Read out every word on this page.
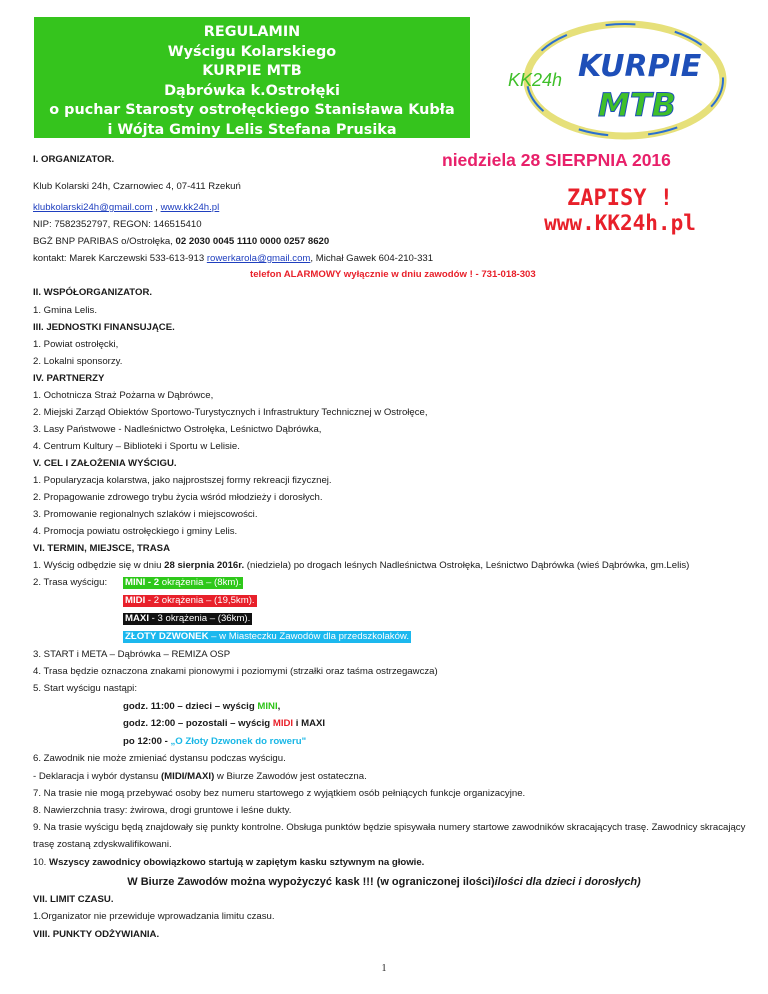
REGULAMIN
Wyścigu Kolarskiego
KURPIE MTB
Dąbrówka k.Ostrołęki
o puchar Starosty ostrołęckiego Stanisława Kubła
i Wójta Gminy Lelis Stefana Prusika
KK24h KURPIE
MTB
niedziela 28 SIERPNIA 2016
ZAPISY !
www.KK24h.pl
I. ORGANIZATOR.
Klub Kolarski 24h, Czarnowiec 4, 07-411 Rzekuń
klubkolarski24h@gmail.com , www.kk24h.pl
NIP: 7582352797, REGON: 146515410
BGŻ BNP PARIBAS o/Ostrołęka, 02 2030 0045 1110 0000 0257 8620
kontakt: Marek Karczewski 533-613-913 rowerkarola@gmail.com, Michał Gawek 604-210-331
telefon ALARMOWY wyłącznie w dniu zawodów ! - 731-018-303
II. WSPÓŁORGANIZATOR.
1. Gmina Lelis.
III. JEDNOSTKI FINANSUJĄCE.
1. Powiat ostrołęcki,
2. Lokalni sponsorzy.
IV. PARTNERZY
1. Ochotnicza Straż Pożarna w Dąbrówce,
2. Miejski Zarząd Obiektów Sportowo-Turystycznych i Infrastruktury Technicznej w Ostrołęce,
3. Lasy Państwowe - Nadleśnictwo Ostrołęka, Leśnictwo Dąbrówka,
4. Centrum Kultury – Biblioteki i Sportu w Lelisie.
V. CEL I ZAŁOŻENIA WYŚCIGU.
1. Popularyzacja kolarstwa, jako najprostszej formy rekreacji fizycznej.
2. Propagowanie zdrowego trybu życia wśród młodzieży i dorosłych.
3. Promowanie regionalnych szlaków i miejscowości.
4. Promocja powiatu ostrołęckiego i gminy Lelis.
VI. TERMIN, MIEJSCE, TRASA
1. Wyścig odbędzie się w dniu 28 sierpnia 2016r. (niedziela) po drogach leśnych Nadleśnictwa Ostrołęka, Leśnictwo Dąbrówka (wieś Dąbrówka, gm.Lelis)
2. Trasa wyścigu: MINI - 2 okrążenia – (8km).
MIDI - 2 okrążenia – (19,5km).
MAXI - 3 okrążenia – (36km).
ZŁOTY DZWONEK – w Miasteczku Zawodów dla przedszkolaków.
3. START i META – Dąbrówka – REMIZA OSP
4. Trasa będzie oznaczona znakami pionowymi i poziomymi (strzałki oraz taśma ostrzegawcza)
5. Start wyścigu nastąpi:
godz. 11:00 – dzieci – wyścig MINI,
godz. 12:00 – pozostali – wyścig MIDI i MAXI
po 12:00 - „O Złoty Dzwonek do roweru"
6. Zawodnik nie może zmieniać dystansu podczas wyścigu.
- Deklaracja i wybór dystansu (MIDI/MAXI) w Biurze Zawodów jest ostateczna.
7. Na trasie nie mogą przebywać osoby bez numeru startowego z wyjątkiem osób pełniących funkcje organizacyjne.
8. Nawierzchnia trasy: żwirowa, drogi gruntowe i leśne dukty.
9. Na trasie wyścigu będą znajdowały się punkty kontrolne. Obsługa punktów będzie spisywała numery startowe zawodników skracających trasę. Zawodnicy skracający
trasę zostaną zdyskwalifikowani.
10. Wszyscy zawodnicy obowiązkowo startują w zapiętym kasku sztywnym na głowie.
W Biurze Zawodów można wypożyczyć kask !!! (w ograniczonej ilości)ilości dla dzieci i dorosłych)
VII. LIMIT CZASU.
1.Organizator nie przewiduje wprowadzania limitu czasu.
VIII. PUNKTY ODŻYWIANIA.
1
